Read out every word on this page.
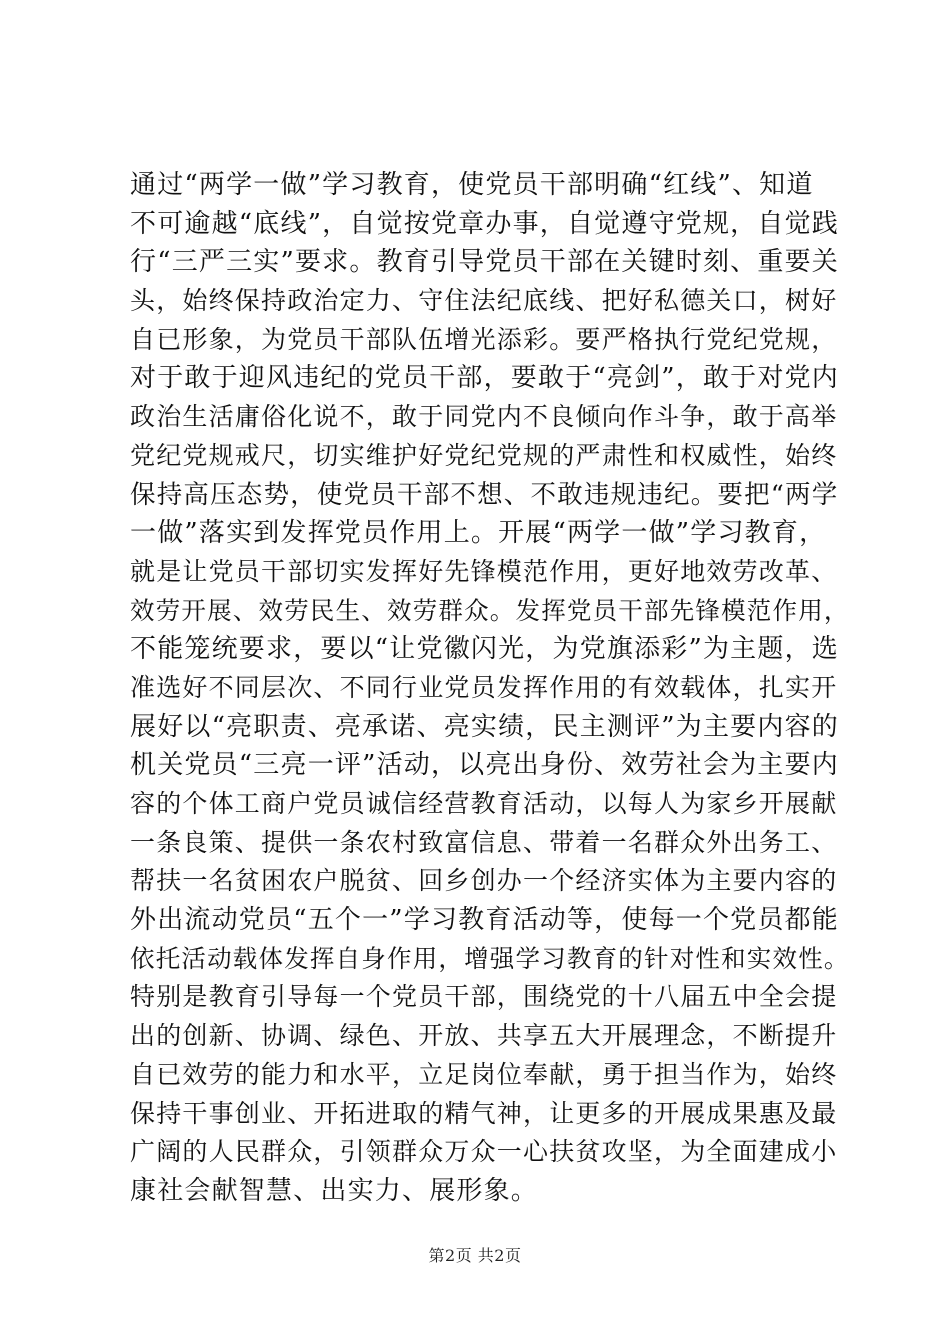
通过“两学一做”学习教育，使党员干部明确“红线”、知道
不可逾越“底线”，自觉按党章办事，自觉遵守党规，自觉践
行“三严三实”要求。教育引导党员干部在关键时刻、重要关
头，始终保持政治定力、守住法纪底线、把好私德关口，树好
自已形象，为党员干部队伍增光添彩。要严格执行党纪党规，
对于敢于迎风违纪的党员干部，要敢于“亮剑”，敢于对党内
政治生活庸俗化说不，敢于同党内不良倾向作斗争，敢于高举
党纪党规戒尺，切实维护好党纪党规的严肃性和权威性，始终
保持高压态势，使党员干部不想、不敢违规违纪。要把“两学
一做”落实到发挥党员作用上。开展“两学一做”学习教育，
就是让党员干部切实发挥好先锋模范作用，更好地效劳改革、
效劳开展、效劳民生、效劳群众。发挥党员干部先锋模范作用，
不能笼统要求，要以“让党徽闪光，为党旗添彩”为主题，选
准选好不同层次、不同行业党员发挥作用的有效载体，扎实开
展好以“亮职责、亮承诺、亮实绩，民主测评”为主要内容的
机关党员“三亮一评”活动，以亮出身份、效劳社会为主要内
容的个体工商户党员诚信经营教育活动，以每人为家乡开展献
一条良策、提供一条农村致富信息、带着一名群众外出务工、
帮扶一名贫困农户脱贫、回乡创办一个经济实体为主要内容的
外出流动党员“五个一”学习教育活动等，使每一个党员都能
依托活动载体发挥自身作用，增强学习教育的针对性和实效性。
特别是教育引导每一个党员干部，围绕党的十八届五中全会提
出的创新、协调、绿色、开放、共享五大开展理念，不断提升
自已效劳的能力和水平，立足岗位奉献，勇于担当作为，始终
保持干事创业、开拓进取的精气神，让更多的开展成果惠及最
广阔的人民群众，引领群众万众一心扶贫攻坚，为全面建成小
康社会献智慧、出实力、展形象。
第2页 共2页
